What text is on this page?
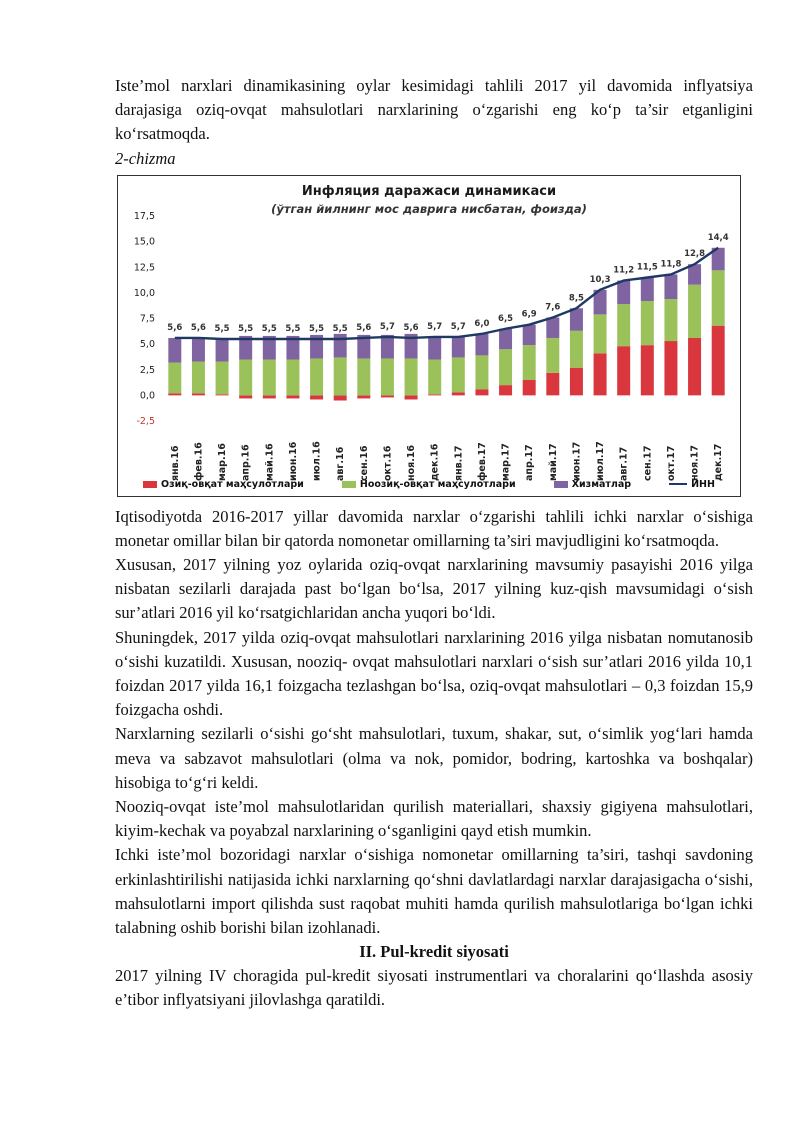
Iste’mol narxlari dinamikasining oylar kesimidagi tahlili 2017 yil davomida inflyatsiya darajasiga oziq-ovqat mahsulotlari narxlarining o‘zgarishi eng ko‘p ta’sir etganligini ko‘rsatmoqda.

2-chizma
Инфляция даражаси динамикаси
(ўтган йилнинг мос даврига нисбатан, фоизда)
-2,5
0,0
2,5
5,0
7,5
10,0
12,5
15,0
17,5
янв.16 фев.16 мар.16 апр.16 май.16 июн.16 июл.16 авг.16 сен.16 окт.16 ноя.16 дек.16 янв.17 фев.17 мар.17 апр.17 май.17 июн.17 июл.17 авг.17 сен.17 окт.17 ноя.17 дек.17
5,6 5,6 5,5 5,5 5,5 5,5 5,5 5,5 5,6 5,7 5,6 5,7 5,7 6,0
6,5 6,9
7,6
8,5
10,3
11,2 11,5 11,8
12,8
14,4
Озиқ-овқат маҳсулотлари	Ноозиқ-овқат маҳсулотлари	Хизматлар	ИНН

Iqtisodiyotda 2016-2017 yillar davomida narxlar o‘zgarishi tahlili ichki narxlar o‘sishiga monetar omillar bilan bir qatorda nomonetar omillarning ta’siri mavjudligini ko‘rsatmoqda.

Xususan, 2017 yilning yoz oylarida oziq-ovqat narxlarining mavsumiy pasayishi 2016 yilga nisbatan sezilarli darajada past bo‘lgan bo‘lsa, 2017 yilning kuz-qish mavsumidagi o‘sish sur’atlari 2016 yil ko‘rsatgichlaridan ancha yuqori bo‘ldi.

Shuningdek, 2017 yilda oziq-ovqat mahsulotlari narxlarining 2016 yilga nisbatan nomutanosib o‘sishi kuzatildi. Xususan, nooziq- ovqat mahsulotlari narxlari o‘sish sur’atlari 2016 yilda 10,1 foizdan 2017 yilda 16,1 foizgacha tezlashgan bo‘lsa, oziq-ovqat mahsulotlari – 0,3 foizdan 15,9 foizgacha oshdi.

Narxlarning sezilarli o‘sishi go‘sht mahsulotlari, tuxum, shakar, sut, o‘simlik yog‘lari hamda meva va sabzavot mahsulotlari (olma va nok, pomidor, bodring, kartoshka va boshqalar) hisobiga to‘g‘ri keldi.

Nooziq-ovqat iste’mol mahsulotlaridan qurilish materiallari, shaxsiy gigiyena mahsulotlari, kiyim-kechak va poyabzal narxlarining o‘sganligini qayd etish mumkin.

Ichki iste’mol bozoridagi narxlar o‘sishiga nomonetar omillarning ta’siri, tashqi savdoning erkinlashtirilishi natijasida ichki narxlarning qo‘shni davlatlardagi narxlar darajasigacha o‘sishi, mahsulotlarni import qilishda sust raqobat muhiti hamda qurilish mahsulotlariga bo‘lgan ichki talabning oshib borishi bilan izohlanadi.

II. Pul-kredit siyosati

2017 yilning IV choragida pul-kredit siyosati instrumentlari va choralarini qo‘llashda asosiy e’tibor inflyatsiyani jilovlashga qaratildi.
